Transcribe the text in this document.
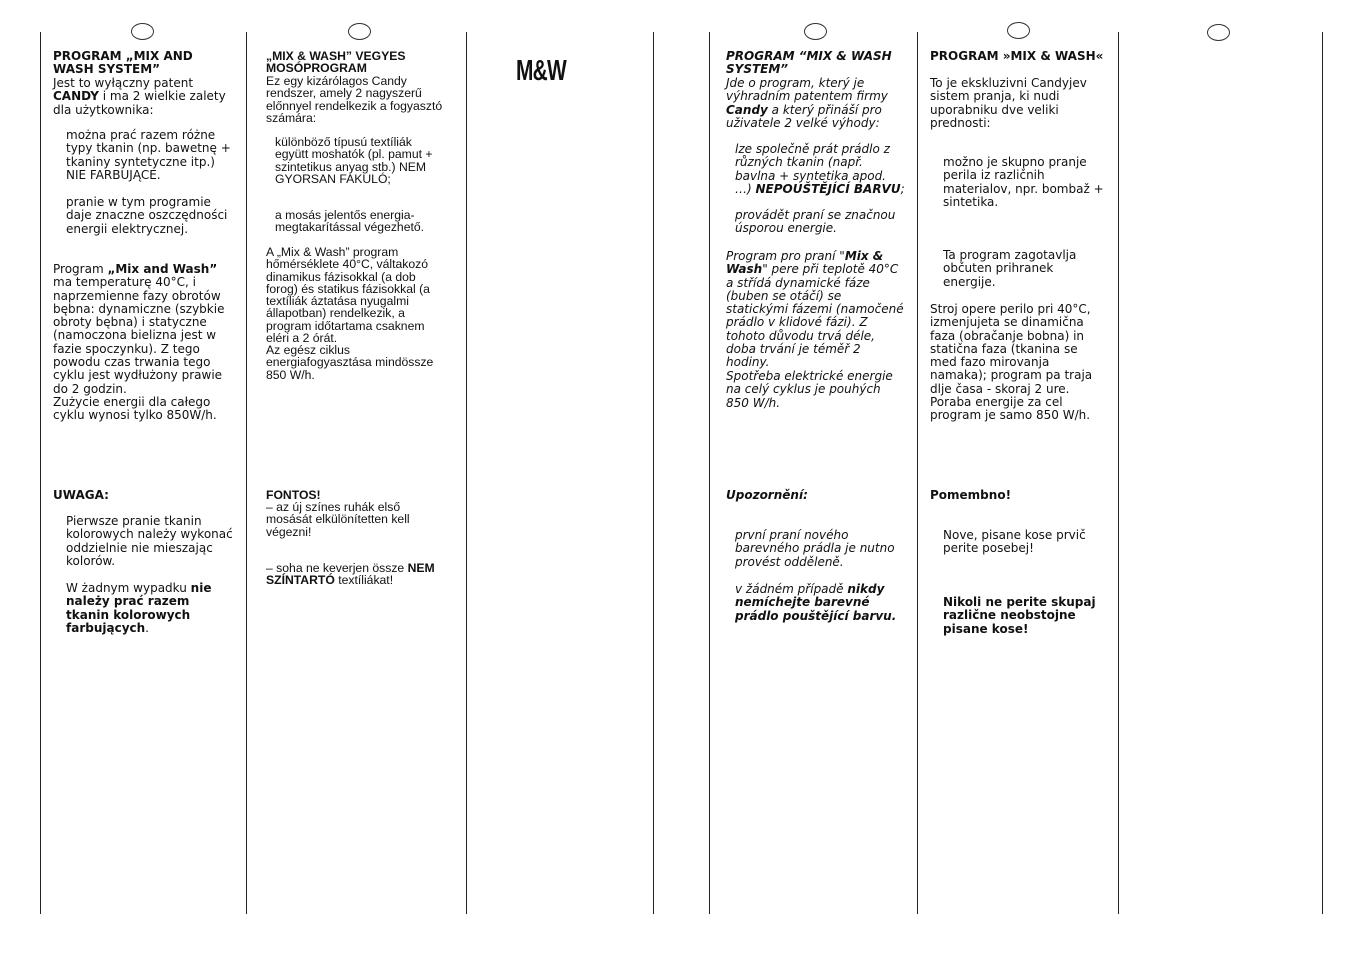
M&W

PROGRAM „MIX AND WASH SYSTEM”

Jest to wyłączny patent CANDY i ma 2 wielkie zalety dla użytkownika:

można prać razem różne typy tkanin (np. bawetnę + tkaniny syntetyczne itp.) NIE FARBUJĄCE.

pranie w tym programie daje znaczne oszczędności energii elektrycznej.

Program „Mix and Wash” ma temperaturę 40°C, i naprzemienne fazy obrotów bębna: dynamiczne (szybkie obroty bębna) i statyczne (namoczona bielizna jest w fazie spoczynku). Z tego powodu czas trwania tego cyklu jest wydłużony prawie do 2 godzin.

Zużycie energii dla całego cyklu wynosi tylko 850W/h.

UWAGA:

Pierwsze pranie tkanin kolorowych należy wykonać oddzielnie nie mieszając kolorów.

W żadnym wypadku nie należy prać razem tkanin kolorowych farbujących.

„MIX & WASH” VEGYES MOSÓPROGRAM

Ez egy kizárólagos Candy rendszer, amely 2 nagyszerű előnnyel rendelkezik a fogyasztó számára:

különböző típusú textíliák együtt moshatók (pl. pamut + szintetikus anyag stb.) NEM GYORSAN FAKULÓ;

a mosás jelentős energia-megtakarítással végezhető.

A „Mix & Wash” program hőmérséklete 40°C, váltakozó dinamikus fázisokkal (a dob forog) és statikus fázisokkal (a textíliák áztatása nyugalmi állapotban) rendelkezik, a program időtartama csaknem eléri a 2 órát.

Az egész ciklus energiafogyasztása mindössze 850 W/h.

FONTOS!

– az új színes ruhák első mosását elkülönítetten kell végezni!

– soha ne keverjen össze NEM SZÍNTARTÓ textíliákat!

PROGRAM “MIX & WASH SYSTEM”

Jde o program, který je výhradním patentem firmy Candy a který přináší pro uživatele 2 velké výhody:

lze společně prát prádlo z různých tkanin (např. bavlna + syntetika apod. …) NEPOUŠTĚJÍCÍ BARVU;

provádět praní se značnou úsporou energie.

Program pro praní "Mix & Wash" pere při teplotě 40°C a střídá dynamické fáze (buben se otáčí) se statickými fázemi (namočené prádlo v klidové fázi). Z tohoto důvodu trvá déle, doba trvání je téměř 2 hodiny.

Spotřeba elektrické energie na celý cyklus je pouhých 850 W/h.

Upozornění:

první praní nového barevného prádla je nutno provést odděleně.

v žádném případě nikdy nemíchejte barevné prádlo pouštějící barvu.

PROGRAM »MIX & WASH«

To je ekskluzivni Candyjev sistem pranja, ki nudi uporabniku dve veliki prednosti:

možno je skupno pranje perila iz različnih materialov, npr. bombaž + sintetika.

Ta program zagotavlja občuten prihranek energije.

Stroj opere perilo pri 40°C, izmenjujeta se dinamična faza (obračanje bobna) in statična faza (tkanina se med fazo mirovanja namaka); program pa traja dlje časa - skoraj 2 ure. Poraba energije za cel program je samo 850 W/h.

Pomembno!

Nove, pisane kose prvič perite posebej!

Nikoli ne perite skupaj različne neobstojne pisane kose!
